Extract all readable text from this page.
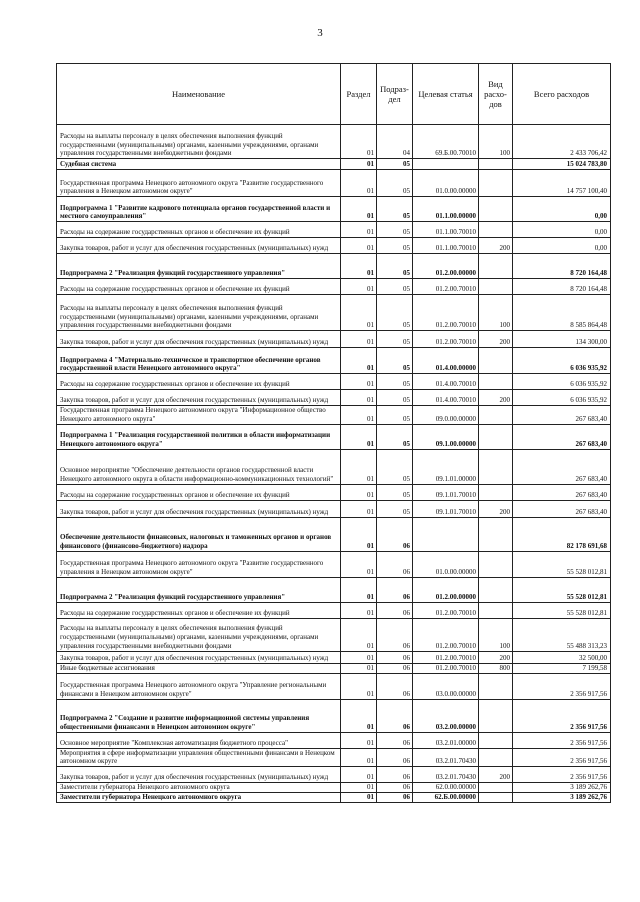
3
Наименование	Раздел	Подраз-дел	Целевая статья	Вид расхо-дов	Всего расходов
Расходы на выплаты персоналу в целях обеспечения выполнения функций государственными (муниципальными) органами, казенными учреждениями, органами управления государственными внебюджетными фондами	01	04	69.Б.00.70010	100	2 433 706,42
Судебная система	01	05			15 024 783,80
Государственная программа Ненецкого автономного округа "Развитие государственного управления в Ненецком автономном округе"	01	05	01.0.00.00000		14 757 100,40
Подпрограмма 1 "Развитие кадрового потенциала органов государственной власти и местного самоуправления"	01	05	01.1.00.00000		0,00
Расходы на содержание государственных органов и обеспечение их функций	01	05	01.1.00.70010		0,00
Закупка товаров, работ и услуг для обеспечения государственных (муниципальных) нужд	01	05	01.1.00.70010	200	0,00
Подпрограмма 2 "Реализация функций государственного управления"	01	05	01.2.00.00000		8 720 164,48
Расходы на содержание государственных органов и обеспечение их функций	01	05	01.2.00.70010		8 720 164,48
Расходы на выплаты персоналу в целях обеспечения выполнения функций государственными (муниципальными) органами, казенными учреждениями, органами управления государственными внебюджетными фондами	01	05	01.2.00.70010	100	8 585 864,48
Закупка товаров, работ и услуг для обеспечения государственных (муниципальных) нужд	01	05	01.2.00.70010	200	134 300,00
Подпрограмма 4 "Материально-техническое и транспортное обеспечение органов государственной власти Ненецкого автономного округа"	01	05	01.4.00.00000		6 036 935,92
Расходы на содержание государственных органов и обеспечение их функций	01	05	01.4.00.70010		6 036 935,92
Закупка товаров, работ и услуг для обеспечения государственных (муниципальных) нужд	01	05	01.4.00.70010	200	6 036 935,92
Государственная программа Ненецкого автономного округа "Информационное общество Ненецкого автономного округа"	01	05	09.0.00.00000		267 683,40
Подпрограмма 1 "Реализация государственной политики в области информатизации Ненецкого автономного округа"	01	05	09.1.00.00000		267 683,40
Основное мероприятие "Обеспечение деятельности органов государственной власти Ненецкого автономного округа в области информационно-коммуникационных технологий"	01	05	09.1.01.00000		267 683,40
Расходы на содержание государственных органов и обеспечение их функций	01	05	09.1.01.70010		267 683,40
Закупка товаров, работ и услуг для обеспечения государственных (муниципальных) нужд	01	05	09.1.01.70010	200	267 683,40
Обеспечение деятельности финансовых, налоговых и таможенных органов и органов финансового (финансово-бюджетного) надзора	01	06			82 178 691,68
Государственная программа Ненецкого автономного округа "Развитие государственного управления в Ненецком автономном округе"	01	06	01.0.00.00000		55 528 012,81
Подпрограмма 2 "Реализация функций государственного управления"	01	06	01.2.00.00000		55 528 012,81
Расходы на содержание государственных органов и обеспечение их функций	01	06	01.2.00.70010		55 528 012,81
Расходы на выплаты персоналу в целях обеспечения выполнения функций государственными (муниципальными) органами, казенными учреждениями, органами управления государственными внебюджетными фондами	01	06	01.2.00.70010	100	55 488 313,23
Закупка товаров, работ и услуг для обеспечения государственных (муниципальных) нужд	01	06	01.2.00.70010	200	32 500,00
Иные бюджетные ассигнования	01	06	01.2.00.70010	800	7 199,58
Государственная программа Ненецкого автономного округа "Управление региональными финансами в Ненецком автономном округе"	01	06	03.0.00.00000		2 356 917,56
Подпрограмма 2 "Создание и развитие информационной системы управления общественными финансами в Ненецком автономном округе"	01	06	03.2.00.00000		2 356 917,56
Основное мероприятие "Комплексная автоматизация бюджетного процесса"	01	06	03.2.01.00000		2 356 917,56
Мероприятия в сфере информатизации управления общественными финансами в Ненецком автономном округе	01	06	03.2.01.70430		2 356 917,56
Закупка товаров, работ и услуг для обеспечения государственных (муниципальных) нужд	01	06	03.2.01.70430	200	2 356 917,56
Заместители губернатора Ненецкого автономного округа	01	06	62.0.00.00000		3 189 262,76
Заместители губернатора Ненецкого автономного округа	01	06	62.Б.00.00000		3 189 262,76
